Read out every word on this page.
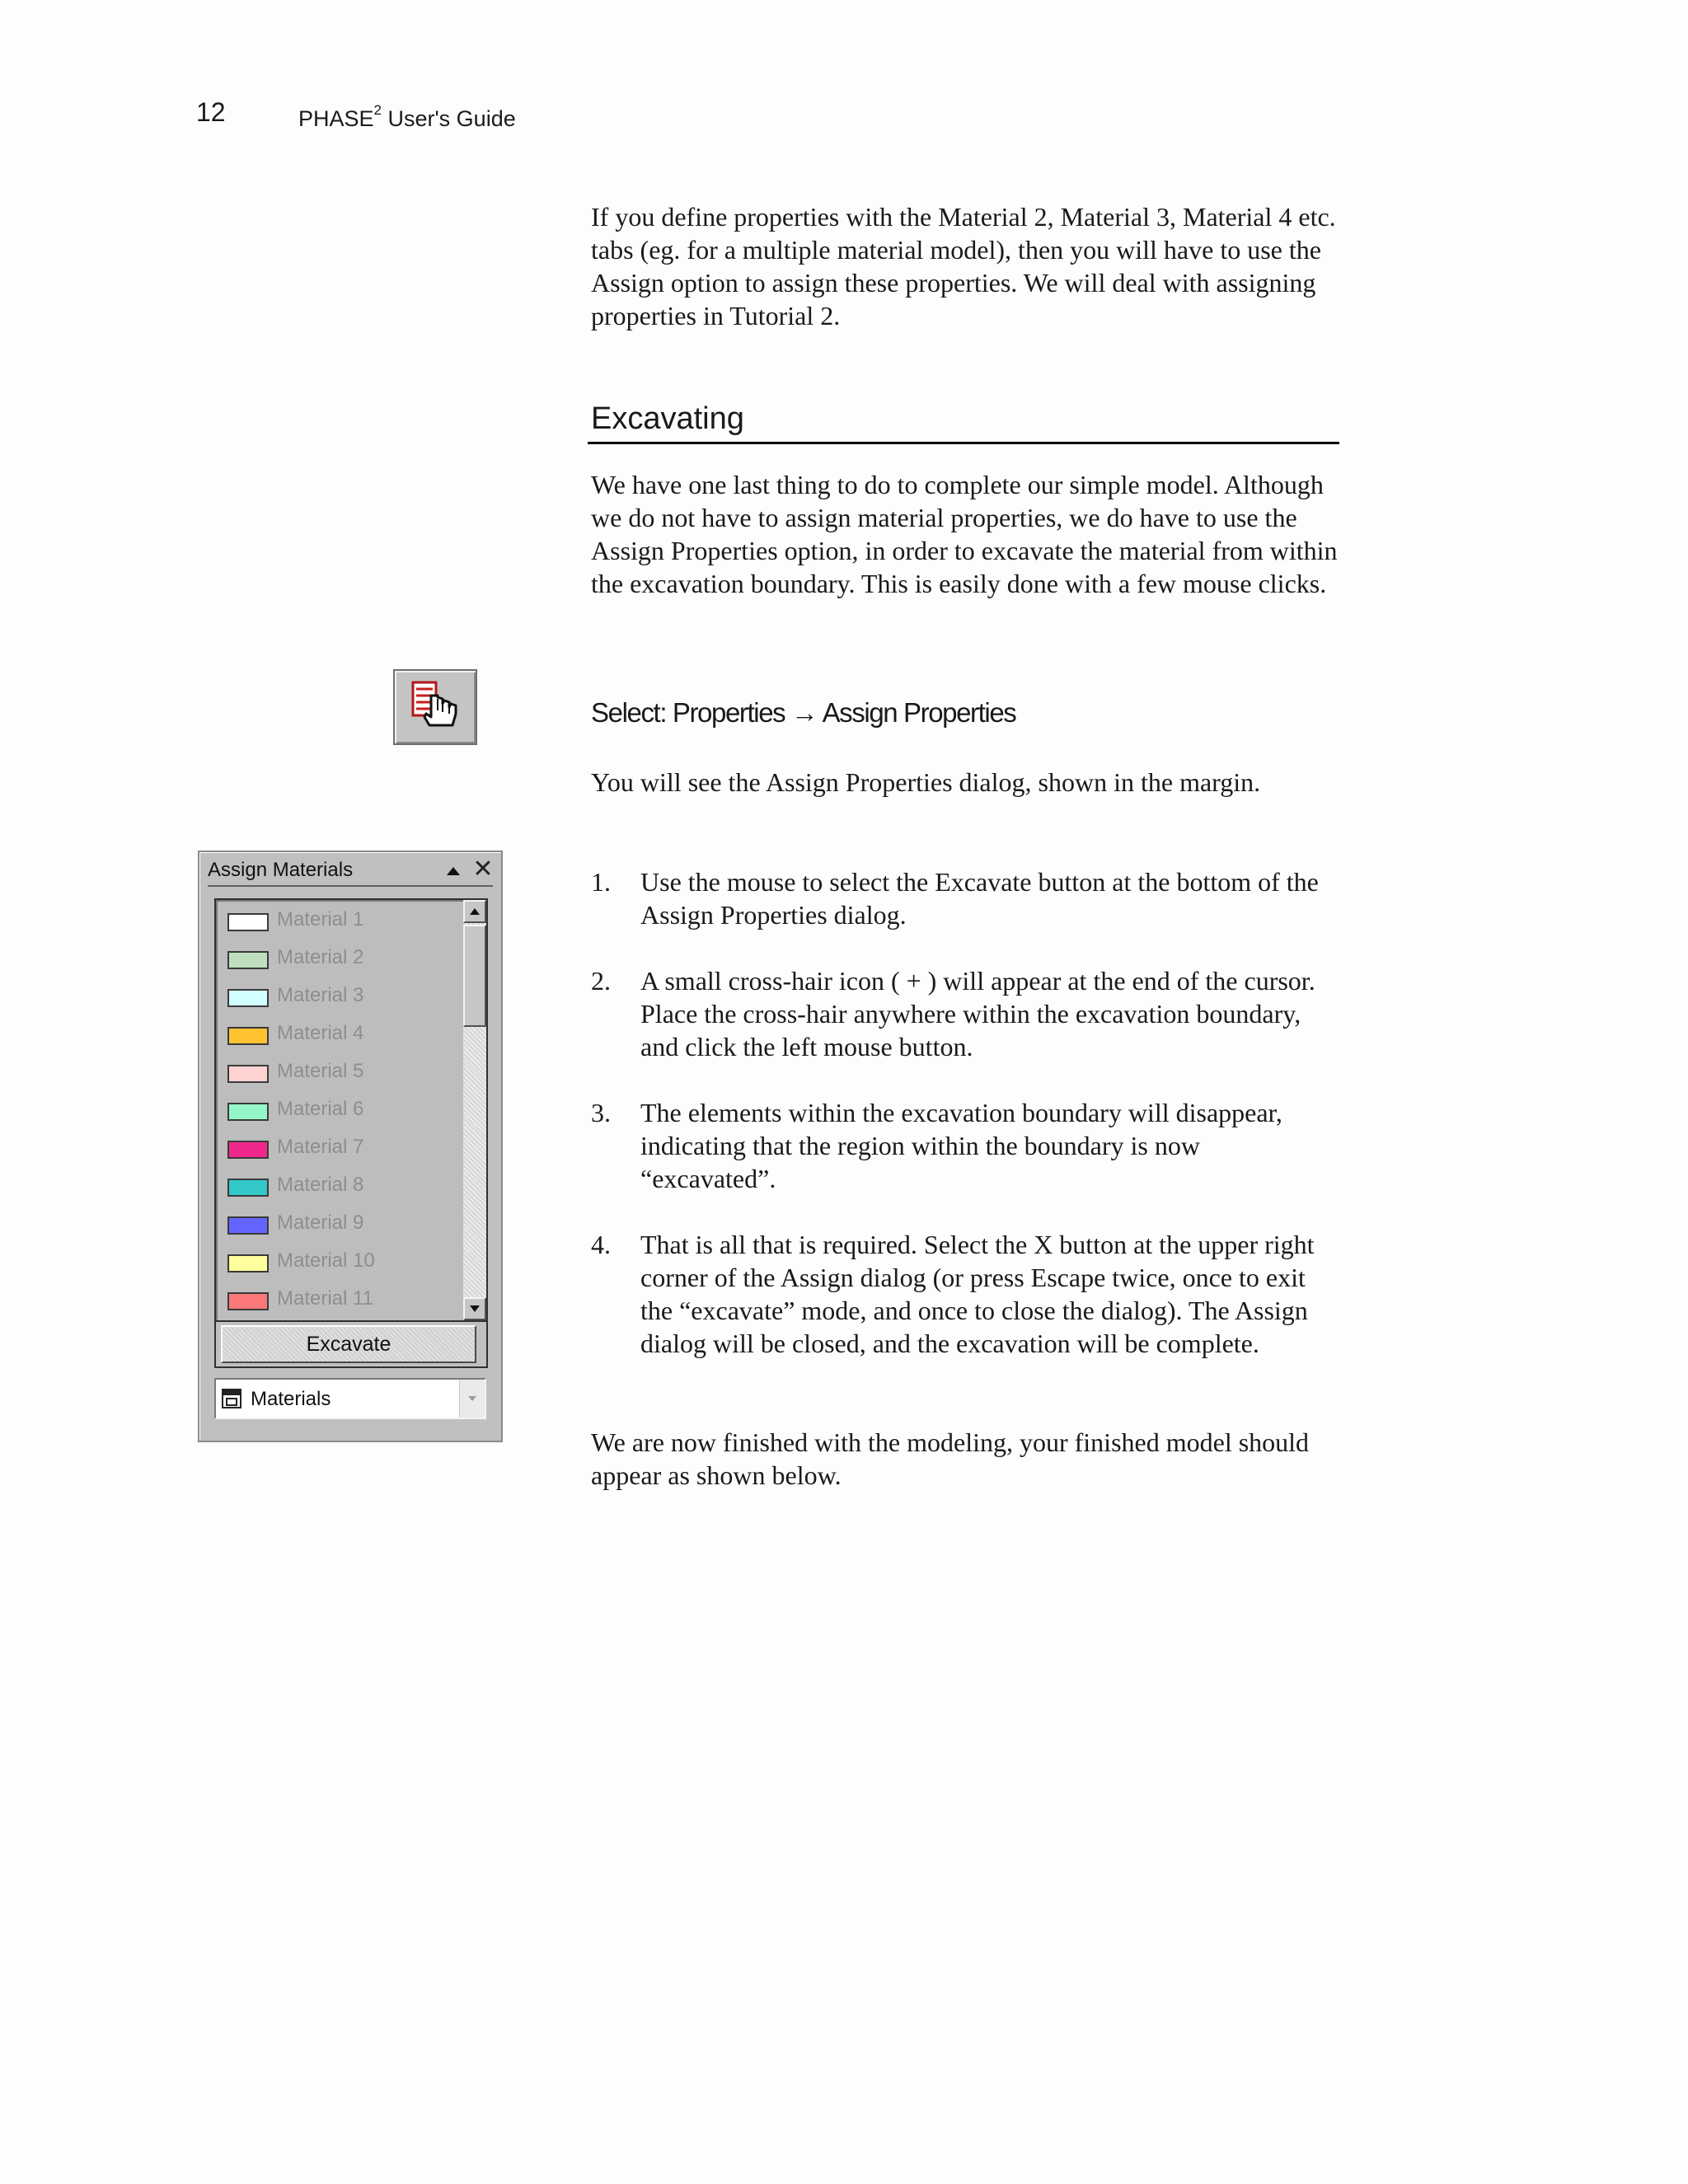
12	PHASE$^2$ User's Guide

If you define properties with the Material 2, Material 3, Material 4 etc. tabs (eg. for a multiple material model), then you will have to use the Assign option to assign these properties. We will deal with assigning properties in Tutorial 2.

Excavating

We have one last thing to do to complete our simple model. Although we do not have to assign material properties, we do have to use the Assign Properties option, in order to excavate the material from within the excavation boundary. This is easily done with a few mouse clicks.

Select: Properties → Assign Properties

You will see the Assign Properties dialog, shown in the margin.

1.	Use the mouse to select the Excavate button at the bottom of the Assign Properties dialog.
2.	A small cross-hair icon ( + ) will appear at the end of the cursor. Place the cross-hair anywhere within the excavation boundary, and click the left mouse button.
3.	The elements within the excavation boundary will disappear, indicating that the region within the boundary is now “excavated”.
4.	That is all that is required. Select the X button at the upper right corner of the Assign dialog (or press Escape twice, once to exit the “excavate” mode, and once to close the dialog). The Assign dialog will be closed, and the excavation will be complete.

We are now finished with the modeling, your finished model should appear as shown below.

Assign Materials	✕
Material 1
Material 2
Material 3
Material 4
Material 5
Material 6
Material 7
Material 8
Material 9
Material 10
Material 11
Excavate
Materials
